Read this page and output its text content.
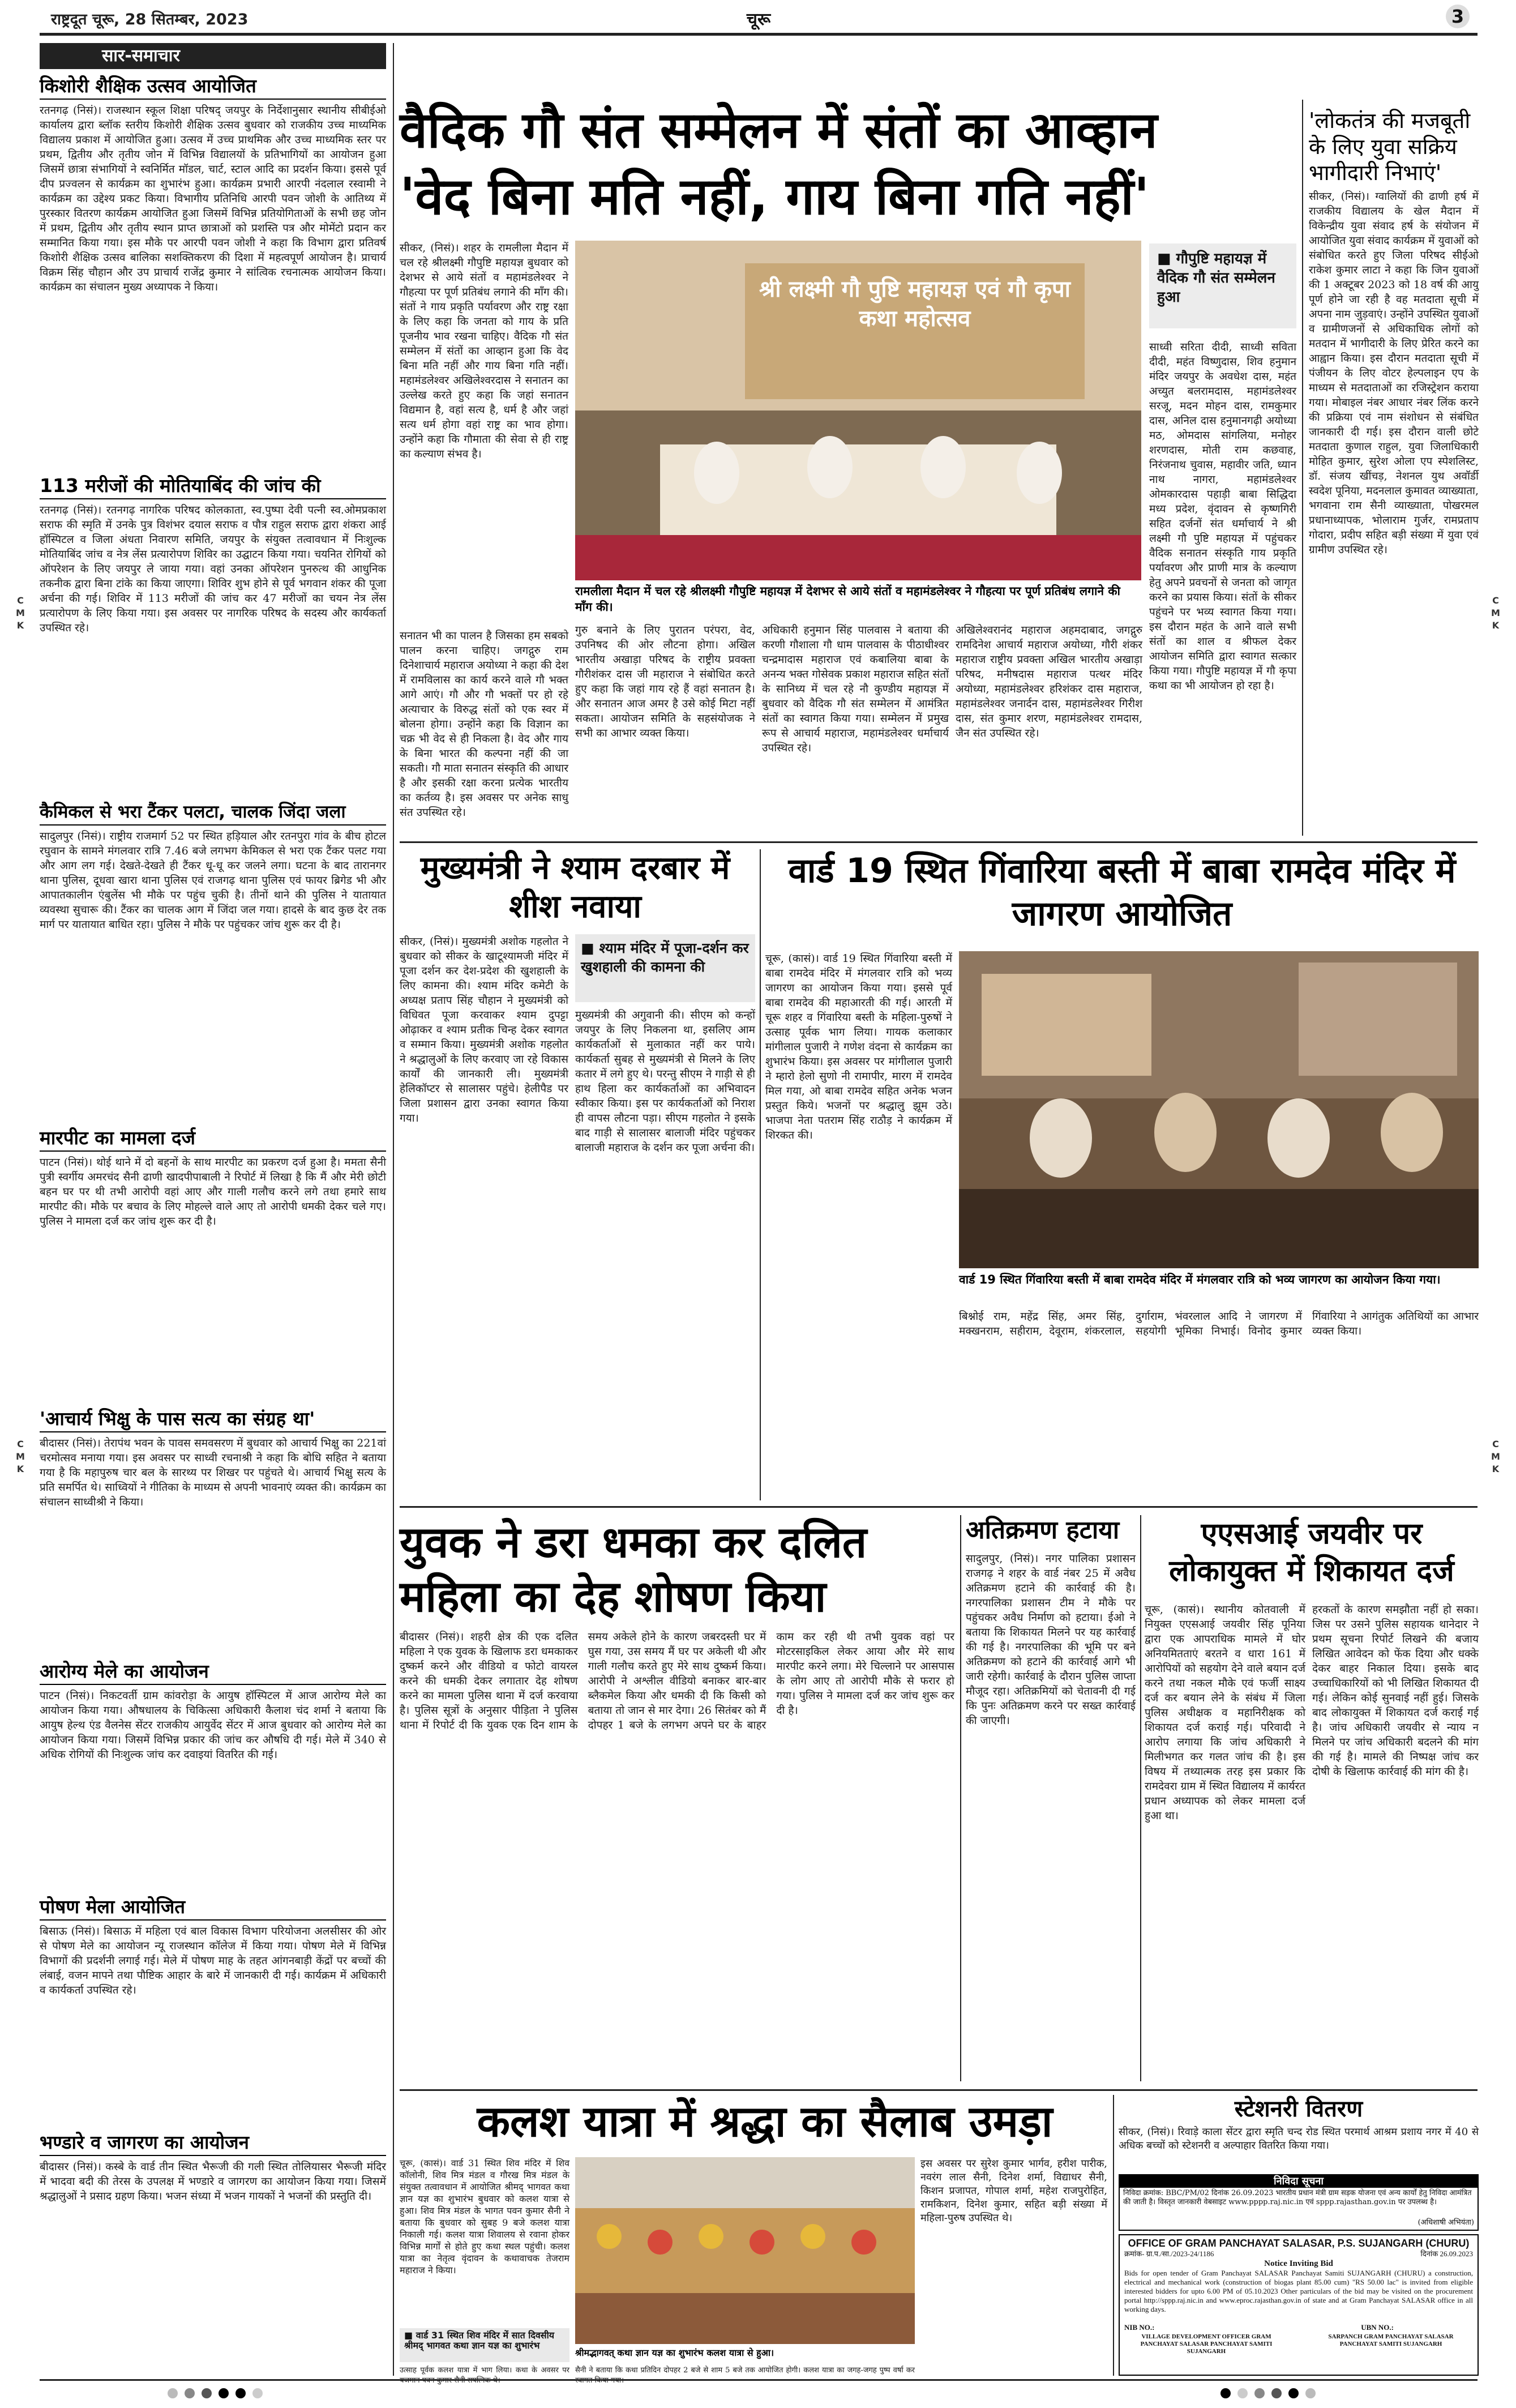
राष्ट्रदूत चूरू, 28 सितम्बर, 2023	चूरू	3
C
M
K
C
M
K
C
M
K
C
M
K
सार-समाचार
किशोरी शैक्षिक उत्सव आयोजित
रतनगढ़ (निसं)। राजस्थान स्कूल शिक्षा परिषद् जयपुर के निर्देशानुसार स्थानीय सीबीईओ कार्यालय द्वारा ब्लॉक स्तरीय किशोरी शैक्षिक उत्सव बुधवार को राजकीय उच्च माध्यमिक विद्यालय प्रकाश में आयोजित हुआ। उत्सव में उच्च प्राथमिक और उच्च माध्यमिक स्तर पर प्रथम, द्वितीय और तृतीय जोन में विभिन्न विद्यालयों के प्रतिभागियों का आयोजन हुआ जिसमें छात्रा संभागियों ने स्वनिर्मित मॉडल, चार्ट, स्टाल आदि का प्रदर्शन किया। इससे पूर्व दीप प्रज्वलन से कार्यक्रम का शुभारंभ हुआ। कार्यक्रम प्रभारी आरपी नंदलाल रस्वामी ने कार्यक्रम का उद्देश्य प्रकट किया। विभागीय प्रतिनिधि आरपी पवन जोशी के आतिथ्य में पुरस्कार वितरण कार्यक्रम आयोजित हुआ जिसमें विभिन्न प्रतियोगिताओं के सभी छह जोन में प्रथम, द्वितीय और तृतीय स्थान प्राप्त छात्राओं को प्रशस्ति पत्र और मोमेंटो प्रदान कर सम्मानित किया गया। इस मौके पर आरपी पवन जोशी ने कहा कि विभाग द्वारा प्रतिवर्ष किशोरी शैक्षिक उत्सव बालिका सशक्तिकरण की दिशा में महत्वपूर्ण आयोजन है। प्राचार्य विक्रम सिंह चौहान और उप प्राचार्य राजेंद्र कुमार ने सांत्विक रचनात्मक आयोजन किया। कार्यक्रम का संचालन मुख्य अध्यापक ने किया।
113 मरीजों की मोतियाबिंद की जांच की
रतनगढ़ (निसं)। रतनगढ़ नागरिक परिषद कोलकाता, स्व.पुष्पा देवी पत्नी स्व.ओमप्रकाश सराफ की स्मृति में उनके पुत्र विशंभर दयाल सराफ व पौत्र राहुल सराफ द्वारा शंकरा आई हॉस्पिटल व जिला अंधता निवारण समिति, जयपुर के संयुक्त तत्वावधान में निःशुल्क मोतियाबिंद जांच व नेत्र लेंस प्रत्यारोपण शिविर का उद्घाटन किया गया। चयनित रोगियों को ऑपरेशन के लिए जयपुर ले जाया गया। वहां उनका ऑपरेशन पुनरुत्थ की आधुनिक तकनीक द्वारा बिना टांके का किया जाएगा। शिविर शुभ होने से पूर्व भगवान शंकर की पूजा अर्चना की गई। शिविर में 113 मरीजों की जांच कर 47 मरीजों का चयन नेत्र लेंस प्रत्यारोपण के लिए किया गया। इस अवसर पर नागरिक परिषद के सदस्य और कार्यकर्ता उपस्थित रहे।
कैमिकल से भरा टैंकर पलटा, चालक जिंदा जला
सादुलपुर (निसं)। राष्ट्रीय राजमार्ग 52 पर स्थित हड़ियाल और रतनपुरा गांव के बीच होटल रघुवान के सामने मंगलवार रात्रि 7.46 बजे लगभग केमिकल से भरा एक टैंकर पलट गया और आग लग गई। देखते-देखते ही टैंकर धू-धू कर जलने लगा। घटना के बाद तारानगर थाना पुलिस, दूधवा खारा थाना पुलिस एवं राजगढ़ थाना पुलिस एवं फायर ब्रिगेड भी और आपातकालीन एंबुलेंस भी मौके पर पहुंच चुकी है। तीनों थाने की पुलिस ने यातायात व्यवस्था सुचारू की। टैंकर का चालक आग में जिंदा जल गया। हादसे के बाद कुछ देर तक मार्ग पर यातायात बाधित रहा। पुलिस ने मौके पर पहुंचकर जांच शुरू कर दी है।
मारपीट का मामला दर्ज
पाटन (निसं)। थोई थाने में दो बहनों के साथ मारपीट का प्रकरण दर्ज हुआ है। ममता सैनी पुत्री स्वर्गीय अमरचंद सैनी ढाणी खादपीपाबाली ने रिपोर्ट में लिखा है कि मैं और मेरी छोटी बहन घर पर थी तभी आरोपी वहां आए और गाली गलौच करने लगे तथा हमारे साथ मारपीट की। मौके पर बचाव के लिए मोहल्ले वाले आए तो आरोपी धमकी देकर चले गए। पुलिस ने मामला दर्ज कर जांच शुरू कर दी है।
'आचार्य भिक्षु के पास सत्य का संग्रह था'
बीदासर (निसं)। तेरापंथ भवन के पावस समवसरण में बुधवार को आचार्य भिक्षु का 221वां चरमोत्सव मनाया गया। इस अवसर पर साध्वी रचनाश्री ने कहा कि बोधि सहित ने बताया गया है कि महापुरुष चार बल के सारथ्य पर शिखर पर पहुंचते थे। आचार्य भिक्षु सत्य के प्रति समर्पित थे। साध्वियों ने गीतिका के माध्यम से अपनी भावनाएं व्यक्त की। कार्यक्रम का संचालन साध्वीश्री ने किया।
आरोग्य मेले का आयोजन
पाटन (निसं)। निकटवर्ती ग्राम कांवरोड़ा के आयुष हॉस्पिटल में आज आरोग्य मेले का आयोजन किया गया। औषधालय के चिकित्सा अधिकारी कैलाश चंद शर्मा ने बताया कि आयुष हेल्थ एंड वैलनेस सेंटर राजकीय आयुर्वेद सेंटर में आज बुधवार को आरोग्य मेले का आयोजन किया गया। जिसमें विभिन्न प्रकार की जांच कर औषधि दी गई। मेले में 340 से अधिक रोगियों की निःशुल्क जांच कर दवाइयां वितरित की गई।
पोषण मेला आयोजित
बिसाऊ (निसं)। बिसाऊ में महिला एवं बाल विकास विभाग परियोजना अलसीसर की ओर से पोषण मेले का आयोजन न्यू राजस्थान कॉलेज में किया गया। पोषण मेले में विभिन्न विभागों की प्रदर्शनी लगाई गई। मेले में पोषण माह के तहत आंगनबाड़ी केंद्रों पर बच्चों की लंबाई, वजन मापने तथा पौष्टिक आहार के बारे में जानकारी दी गई। कार्यक्रम में अधिकारी व कार्यकर्ता उपस्थित रहे।
भण्डारे व जागरण का आयोजन
बीदासर (निसं)। कस्बे के वार्ड तीन स्थित भैरूजी की गली स्थित तोलियासर भैरूजी मंदिर में भादवा बदी की तेरस के उपलक्ष में भण्डारे व जागरण का आयोजन किया गया। जिसमें श्रद्धालुओं ने प्रसाद ग्रहण किया। भजन संध्या में भजन गायकों ने भजनों की प्रस्तुति दी।
वैदिक गौ संत सम्मेलन में संतों का आव्हान
'वेद बिना मति नहीं, गाय बिना गति नहीं'
'लोकतंत्र की मजबूती के लिए युवा सक्रिय भागीदारी निभाएं'
सीकर, (निसं)। ग्वालियों की ढाणी हर्ष में राजकीय विद्यालय के खेल मैदान में विकेन्द्रीय युवा संवाद हर्ष के संयोजन में आयोजित युवा संवाद कार्यक्रम में युवाओं को संबोधित करते हुए जिला परिषद सीईओ राकेश कुमार लाटा ने कहा कि जिन युवाओं की 1 अक्टूबर 2023 को 18 वर्ष की आयु पूर्ण होने जा रही है वह मतदाता सूची में अपना नाम जुड़वाएं। उन्होंने उपस्थित युवाओं व ग्रामीणजनों से अधिकाधिक लोगों को मतदान में भागीदारी के लिए प्रेरित करने का आह्वान किया। इस दौरान मतदाता सूची में पंजीयन के लिए वोटर हेल्पलाइन एप के माध्यम से मतदाताओं का रजिस्ट्रेशन कराया गया। मोबाइल नंबर आधार नंबर लिंक करने की प्रक्रिया एवं नाम संशोधन से संबंधित जानकारी दी गई। इस दौरान वाली छोटे मतदाता कुणाल राहुल, युवा जिलाधिकारी मोहित कुमार, सुरेश ओला एप स्पेशलिस्ट, डॉ. संजय खींचड़, नेशनल युथ अवॉर्डी स्वदेश पूनिया, मदनलाल कुमावत व्याख्याता, भगवाना राम सैनी व्याख्याता, पोखरमल प्रधानाध्यापक, भोलाराम गुर्जर, रामप्रताप गोदारा, प्रदीप सहित बड़ी संख्या में युवा एवं ग्रामीण उपस्थित रहे।
श्री लक्ष्मी गौ पुष्टि महायज्ञ एवं गौ कृपा कथा महोत्सव
रामलीला मैदान में चल रहे श्रीलक्ष्मी गौपुष्टि महायज्ञ में देशभर से आये संतों व महामंडलेश्वर ने गौहत्या पर पूर्ण प्रतिबंध लगाने की माँग की।
■ गौपुष्टि महायज्ञ में वैदिक गौ संत सम्मेलन हुआ
सीकर, (निसं)। शहर के रामलीला मैदान में चल रहे श्रीलक्ष्मी गौपुष्टि महायज्ञ बुधवार को देशभर से आये संतों व महामंडलेश्वर ने गौहत्या पर पूर्ण प्रतिबंध लगाने की माँग की। संतों ने गाय प्रकृति पर्यावरण और राष्ट्र रक्षा के लिए कहा कि जनता को गाय के प्रति पूजनीय भाव रखना चाहिए। वैदिक गौ संत सम्मेलन में संतों का आव्हान हुआ कि वेद बिना मति नहीं और गाय बिना गति नहीं। महामंडलेश्वर अखिलेश्वरदास ने सनातन का उल्लेख करते हुए कहा कि जहां सनातन विद्यमान है, वहां सत्य है, धर्म है और जहां सत्य धर्म होगा वहां राष्ट्र का भाव होगा। उन्होंने कहा कि गौमाता की सेवा से ही राष्ट्र का कल्याण संभव है।
साध्वी सरिता दीदी, साध्वी सविता दीदी, महंत विष्णुदास, शिव हनुमान मंदिर जयपुर के अवधेश दास, महंत अच्युत बलरामदास, महामंडलेश्वर सरजू, मदन मोहन दास, रामकुमार दास, अनिल दास हनुमानगढ़ी अयोध्या मठ, ओमदास सांगलिया, मनोहर शरणदास, मोती राम कछवाह, निरंजनाथ चुवास, महावीर जति, ध्यान नाथ नागरा, महामंडलेश्वर ओमकारदास पहाड़ी बाबा सिद्धिदा मध्य प्रदेश, वृंदावन से कृष्णगिरी सहित दर्जनों संत धर्माचार्य ने श्री लक्ष्मी गौ पुष्टि महायज्ञ में पहुंचकर वैदिक सनातन संस्कृति गाय प्रकृति पर्यावरण और प्राणी मात्र के कल्याण हेतु अपने प्रवचनों से जनता को जागृत करने का प्रयास किया। संतों के सीकर पहुंचने पर भव्य स्वागत किया गया। इस दौरान महंत के आने वाले सभी संतों का शाल व श्रीफल देकर आयोजन समिति द्वारा स्वागत सत्कार किया गया। गौपुष्टि महायज्ञ में गौ कृपा कथा का भी आयोजन हो रहा है।
सनातन भी का पालन है जिसका हम सबको पालन करना चाहिए। जगद्गुरु राम दिनेशाचार्य महाराज अयोध्या ने कहा की देश में रामविलास का कार्य करने वाले गौ भक्त आगे आएं। गौ और गौ भक्तों पर हो रहे अत्याचार के विरुद्ध संतों को एक स्वर में बोलना होगा। उन्होंने कहा कि विज्ञान का चक्र भी वेद से ही निकला है। वेद और गाय के बिना भारत की कल्पना नहीं की जा सकती। गौ माता सनातन संस्कृति की आधार है और इसकी रक्षा करना प्रत्येक भारतीय का कर्तव्य है। इस अवसर पर अनेक साधु संत उपस्थित रहे।
गुरु बनाने के लिए पुरातन परंपरा, वेद, उपनिषद की ओर लौटना होगा। अखिल भारतीय अखाड़ा परिषद के राष्ट्रीय प्रवक्ता गौरीशंकर दास जी महाराज ने संबोधित करते हुए कहा कि जहां गाय रहे हैं वहां सनातन है। और सनातन आज अमर है उसे कोई मिटा नहीं सकता। आयोजन समिति के सहसंयोजक ने सभी का आभार व्यक्त किया।
अधिकारी हनुमान सिंह पालवास ने बताया की करणी गौशाला गौ धाम पालवास के पीठाधीश्वर चन्द्रमादास महाराज एवं कबालिया बाबा के अनन्य भक्त गोसेवक प्रकाश महाराज सहित संतों के सानिध्य में चल रहे नौ कुण्डीय महायज्ञ में बुधवार को वैदिक गौ संत सम्मेलन में आमंत्रित संतों का स्वागत किया गया। सम्मेलन में प्रमुख रूप से आचार्य महाराज, महामंडलेश्वर धर्माचार्य उपस्थित रहे।
अखिलेश्वरानंद महाराज अहमदाबाद, जगद्गुरु रामदिनेश आचार्य महाराज अयोध्या, गौरी शंकर महाराज राष्ट्रीय प्रवक्ता अखिल भारतीय अखाड़ा परिषद, मनीषदास महाराज पत्थर मंदिर अयोध्या, महामंडलेश्वर हरिशंकर दास महाराज, महामंडलेश्वर जनार्दन दास, महामंडलेश्वर गिरीश दास, संत कुमार शरण, महामंडलेश्वर रामदास, जैन संत उपस्थित रहे।
मुख्यमंत्री ने श्याम दरबार में शीश नवाया
■ श्याम मंदिर में पूजा-दर्शन कर खुशहाली की कामना की
सीकर, (निसं)। मुख्यमंत्री अशोक गहलोत ने बुधवार को सीकर के खाटूश्यामजी मंदिर में पूजा दर्शन कर देश-प्रदेश की खुशहाली के लिए कामना की। श्याम मंदिर कमेटी के अध्यक्ष प्रताप सिंह चौहान ने मुख्यमंत्री को विधिवत पूजा करवाकर श्याम दुपट्टा ओढ़ाकर व श्याम प्रतीक चिन्ह देकर स्वागत व सम्मान किया। मुख्यमंत्री अशोक गहलोत ने श्रद्धालुओं के लिए करवाए जा रहे विकास कार्यों की जानकारी ली। मुख्यमंत्री हेलिकॉप्टर से सालासर पहुंचे। हेलीपैड पर जिला प्रशासन द्वारा उनका स्वागत किया गया।
मुख्यमंत्री की अगुवानी की। सीएम को कन्हों जयपुर के लिए निकलना था, इसलिए आम कार्यकर्ताओं से मुलाकात नहीं कर पाये। कार्यकर्ता सुबह से मुख्यमंत्री से मिलने के लिए कतार में लगे हुए थे। परन्तु सीएम ने गाड़ी से ही हाथ हिला कर कार्यकर्ताओं का अभिवादन स्वीकार किया। इस पर कार्यकर्ताओं को निराश ही वापस लौटना पड़ा। सीएम गहलोत ने इसके बाद गाड़ी से सालासर बालाजी मंदिर पहुंचकर बालाजी महाराज के दर्शन कर पूजा अर्चना की।
वार्ड 19 स्थित गिंवारिया बस्ती में बाबा रामदेव मंदिर में जागरण आयोजित
चूरू, (कासं)। वार्ड 19 स्थित गिंवारिया बस्ती में बाबा रामदेव मंदिर में मंगलवार रात्रि को भव्य जागरण का आयोजन किया गया। इससे पूर्व बाबा रामदेव की महाआरती की गई। आरती में चूरू शहर व गिंवारिया बस्ती के महिला-पुरुषों ने उत्साह पूर्वक भाग लिया। गायक कलाकार मांगीलाल पुजारी ने गणेश वंदना से कार्यक्रम का शुभारंभ किया। इस अवसर पर मांगीलाल पुजारी ने म्हारो हेलो सुणो नी रामापीर, मारग में रामदेव मिल गया, ओ बाबा रामदेव सहित अनेक भजन प्रस्तुत किये। भजनों पर श्रद्धालु झूम उठे। भाजपा नेता पतराम सिंह राठौड़ ने कार्यक्रम में शिरकत की।
वार्ड 19 स्थित गिंवारिया बस्ती में बाबा रामदेव मंदिर में मंगलवार रात्रि को भव्य जागरण का आयोजन किया गया।
बिश्नोई राम, महेंद्र सिंह, अमर सिंह, मक्खनराम, सहीराम, देवूराम, शंकरलाल, दुर्गाराम, भंवरलाल आदि ने जागरण में सहयोगी भूमिका निभाई। विनोद कुमार गिंवारिया ने आगंतुक अतिथियों का आभार व्यक्त किया।
युवक ने डरा धमका कर दलित महिला का देह शोषण किया
बीदासर (निसं)। शहरी क्षेत्र की एक दलित महिला ने एक युवक के खिलाफ डरा धमकाकर दुष्कर्म करने और वीडियो व फोटो वायरल करने की धमकी देकर लगातार देह शोषण करने का मामला पुलिस थाना में दर्ज करवाया है। पुलिस सूत्रों के अनुसार पीड़िता ने पुलिस थाना में रिपोर्ट दी कि युवक एक दिन शाम के समय अकेले होने के कारण जबरदस्ती घर में घुस गया, उस समय मैं घर पर अकेली थी और गाली गलौच करते हुए मेरे साथ दुष्कर्म किया। आरोपी ने अश्लील वीडियो बनाकर बार-बार ब्लैकमेल किया और धमकी दी कि किसी को बताया तो जान से मार देगा। 26 सितंबर को मैं दोपहर 1 बजे के लगभग अपने घर के बाहर काम कर रही थी तभी युवक वहां पर मोटरसाइकिल लेकर आया और मेरे साथ मारपीट करने लगा। मेरे चिल्लाने पर आसपास के लोग आए तो आरोपी मौके से फरार हो गया। पुलिस ने मामला दर्ज कर जांच शुरू कर दी है।
अतिक्रमण हटाया
सादुलपुर, (निसं)। नगर पालिका प्रशासन राजगढ़ ने शहर के वार्ड नंबर 25 में अवैध अतिक्रमण हटाने की कार्रवाई की है। नगरपालिका प्रशासन टीम ने मौके पर पहुंचकर अवैध निर्माण को हटाया। ईओ ने बताया कि शिकायत मिलने पर यह कार्रवाई की गई है। नगरपालिका की भूमि पर बने अतिक्रमण को हटाने की कार्रवाई आगे भी जारी रहेगी। कार्रवाई के दौरान पुलिस जाप्ता मौजूद रहा। अतिक्रमियों को चेतावनी दी गई कि पुनः अतिक्रमण करने पर सख्त कार्रवाई की जाएगी।
एएसआई जयवीर पर लोकायुक्त में शिकायत दर्ज
चूरू, (कासं)। स्थानीय कोतवाली में नियुक्त एएसआई जयवीर सिंह पूनिया द्वारा एक आपराधिक मामले में घोर अनियमितताएं बरतने व धारा 161 में आरोपियों को सहयोग देने वाले बयान दर्ज करने तथा नकल मौके एवं फर्जी साक्ष्य दर्ज कर बयान लेने के संबंध में जिला पुलिस अधीक्षक व महानिरीक्षक को शिकायत दर्ज कराई गई। परिवादी ने आरोप लगाया कि जांच अधिकारी ने मिलीभगत कर गलत जांच की है। इस विषय में तथ्यात्मक तरह इस प्रकार कि रामदेवरा ग्राम में स्थित विद्यालय में कार्यरत प्रधान अध्यापक को लेकर मामला दर्ज हुआ था।
हरकतों के कारण समझौता नहीं हो सका। जिस पर उसने पुलिस सहायक थानेदार ने प्रथम सूचना रिपोर्ट लिखने की बजाय लिखित आवेदन को फेंक दिया और धक्के देकर बाहर निकाल दिया। इसके बाद उच्चाधिकारियों को भी लिखित शिकायत दी गई। लेकिन कोई सुनवाई नहीं हुई। जिसके बाद लोकायुक्त में शिकायत दर्ज कराई गई है। जांच अधिकारी जयवीर से न्याय न मिलने पर जांच अधिकारी बदलने की मांग की गई है। मामले की निष्पक्ष जांच कर दोषी के खिलाफ कार्रवाई की मांग की है।
कलश यात्रा में श्रद्धा का सैलाब उमड़ा
चूरू, (कासं)। वार्ड 31 स्थित शिव मंदिर में शिव कॉलोनी, शिव मित्र मंडल व गौरख मित्र मंडल के संयुक्त तत्वावधान में आयोजित श्रीमद् भागवत कथा ज्ञान यज्ञ का शुभारंभ बुधवार को कलश यात्रा से हुआ। शिव मित्र मंडल के भागत पवन कुमार सैनी ने बताया कि बुधवार को सुबह 9 बजे कलश यात्रा निकाली गई। कलश यात्रा शिवालय से रवाना होकर विभिन्न मार्गों से होते हुए कथा स्थल पहुंची। कलश यात्रा का नेतृत्व वृंदावन के कथावाचक तेजराम महाराज ने किया।
■ वार्ड 31 स्थित शिव मंदिर में सात दिवसीय श्रीमद् भागवत कथा ज्ञान यज्ञ का शुभारंभ
श्रीमद्भागवत् कथा ज्ञान यज्ञ का शुभारंभ कलश यात्रा से हुआ।
इस अवसर पर सुरेश कुमार भार्गव, हरीश पारीक, नवरंग लाल सैनी, दिनेश शर्मा, विद्याधर सैनी, किशन प्रजापत, गोपाल शर्मा, महेश राजपुरोहित, रामकिशन, दिनेश कुमार, सहित बड़ी संख्या में महिला-पुरुष उपस्थित थे।
उत्साह पूर्वक कलश यात्रा में भाग लिया। कथा के अवसर पर सैनी ने बताया कि कथा प्रतिदिन दोपहर 2 बजे से शाम 5 बजे तक आयोजित होगी। कलश यात्रा का जगह-जगह पुष्प वर्षा कर
स्टेशनरी वितरण
सीकर, (निसं)। रिवाड़े काला सेंटर द्वारा स्मृति चन्द रोड स्थित परमार्थ आश्रम प्रशाय नगर में 40 से अधिक बच्चों को स्टेशनरी व अल्पाहार वितरित किया गया।
निविदा सूचना
निविदा क्रमांक: BBC/PM/02 दिनांक 26.09.2023 भारतीय प्रधान मंत्री ग्राम सड़क योजना एवं अन्य कार्यों हेतु निविदा आमंत्रित की जाती है। विस्तृत जानकारी वेबसाइट www.pppp.raj.nic.in एवं sppp.rajasthan.gov.in पर उपलब्ध है।
(अधिशाषी अभियंता)
OFFICE OF GRAM PANCHAYAT SALASAR, P.S. SUJANGARH (CHURU)
क्रमांक- ग्रा.प./सा./2023-24/1186	दिनांक 26.09.2023
Notice Inviting Bid
Bids for open tender of Gram Panchayat SALASAR Panchayat Samiti SUJANGARH (CHURU) a construction, electrical and mechanical work (construction of biogas plant 85.00 cum) "RS 50.00 lac" is invited from eligible interested bidders for upto 6.00 PM of 05.10.2023 Other particulars of the bid may be visited on the procurement portal http://sppp.raj.nic.in and www.eproc.rajasthan.gov.in of state and at Gram Panchayat SALASAR office in all working days.
NIB NO.:	UBN NO.:
VILLAGE DEVELOPMENT OFFICER GRAM PANCHAYAT SALASAR PANCHAYAT SAMITI SUJANGARH
SARPANCH GRAM PANCHAYAT SALASAR PANCHAYAT SAMITI SUJANGARH
